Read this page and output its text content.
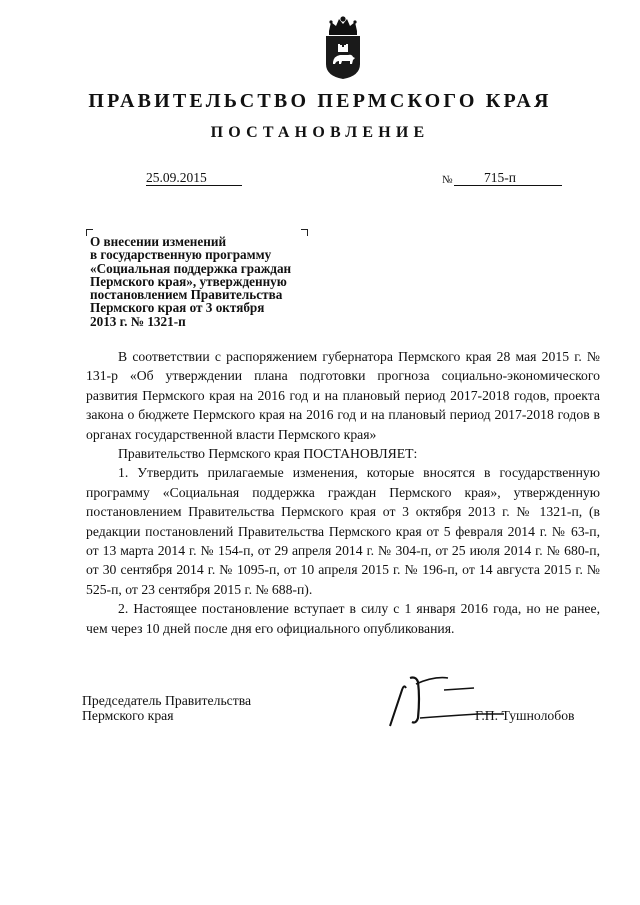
ПРАВИТЕЛЬСТВО ПЕРМСКОГО КРАЯ
ПОСТАНОВЛЕНИЕ
25.09.2015	№ 715-п
О внесении изменений
в государственную программу
«Социальная поддержка граждан
Пермского края», утвержденную
постановлением Правительства
Пермского края от 3 октября
2013 г. № 1321-п

В соответствии с распоряжением губернатора Пермского края 28 мая 2015 г. № 131-р «Об утверждении плана подготовки прогноза социально-экономического развития Пермского края на 2016 год и на плановый период 2017-2018 годов, проекта закона о бюджете Пермского края на 2016 год и на плановый период 2017-2018 годов в органах государственной власти Пермского края»

Правительство Пермского края ПОСТАНОВЛЯЕТ:

1. Утвердить прилагаемые изменения, которые вносятся в государственную программу «Социальная поддержка граждан Пермского края», утвержденную постановлением Правительства Пермского края от 3 октября 2013 г. № 1321-п, (в редакции постановлений Правительства Пермского края от 5 февраля 2014 г. № 63-п, от 13 марта 2014 г. № 154-п, от 29 апреля 2014 г. № 304-п, от 25 июля 2014 г. № 680-п, от 30 сентября 2014 г. № 1095-п, от 10 апреля 2015 г. № 196-п, от 14 августа 2015 г. № 525-п, от 23 сентября 2015 г. № 688-п).

2. Настоящее постановление вступает в силу с 1 января 2016 года, но не ранее, чем через 10 дней после дня его официального опубликования.

Председатель Правительства
Пермского края	Г.П. Тушнолобов
